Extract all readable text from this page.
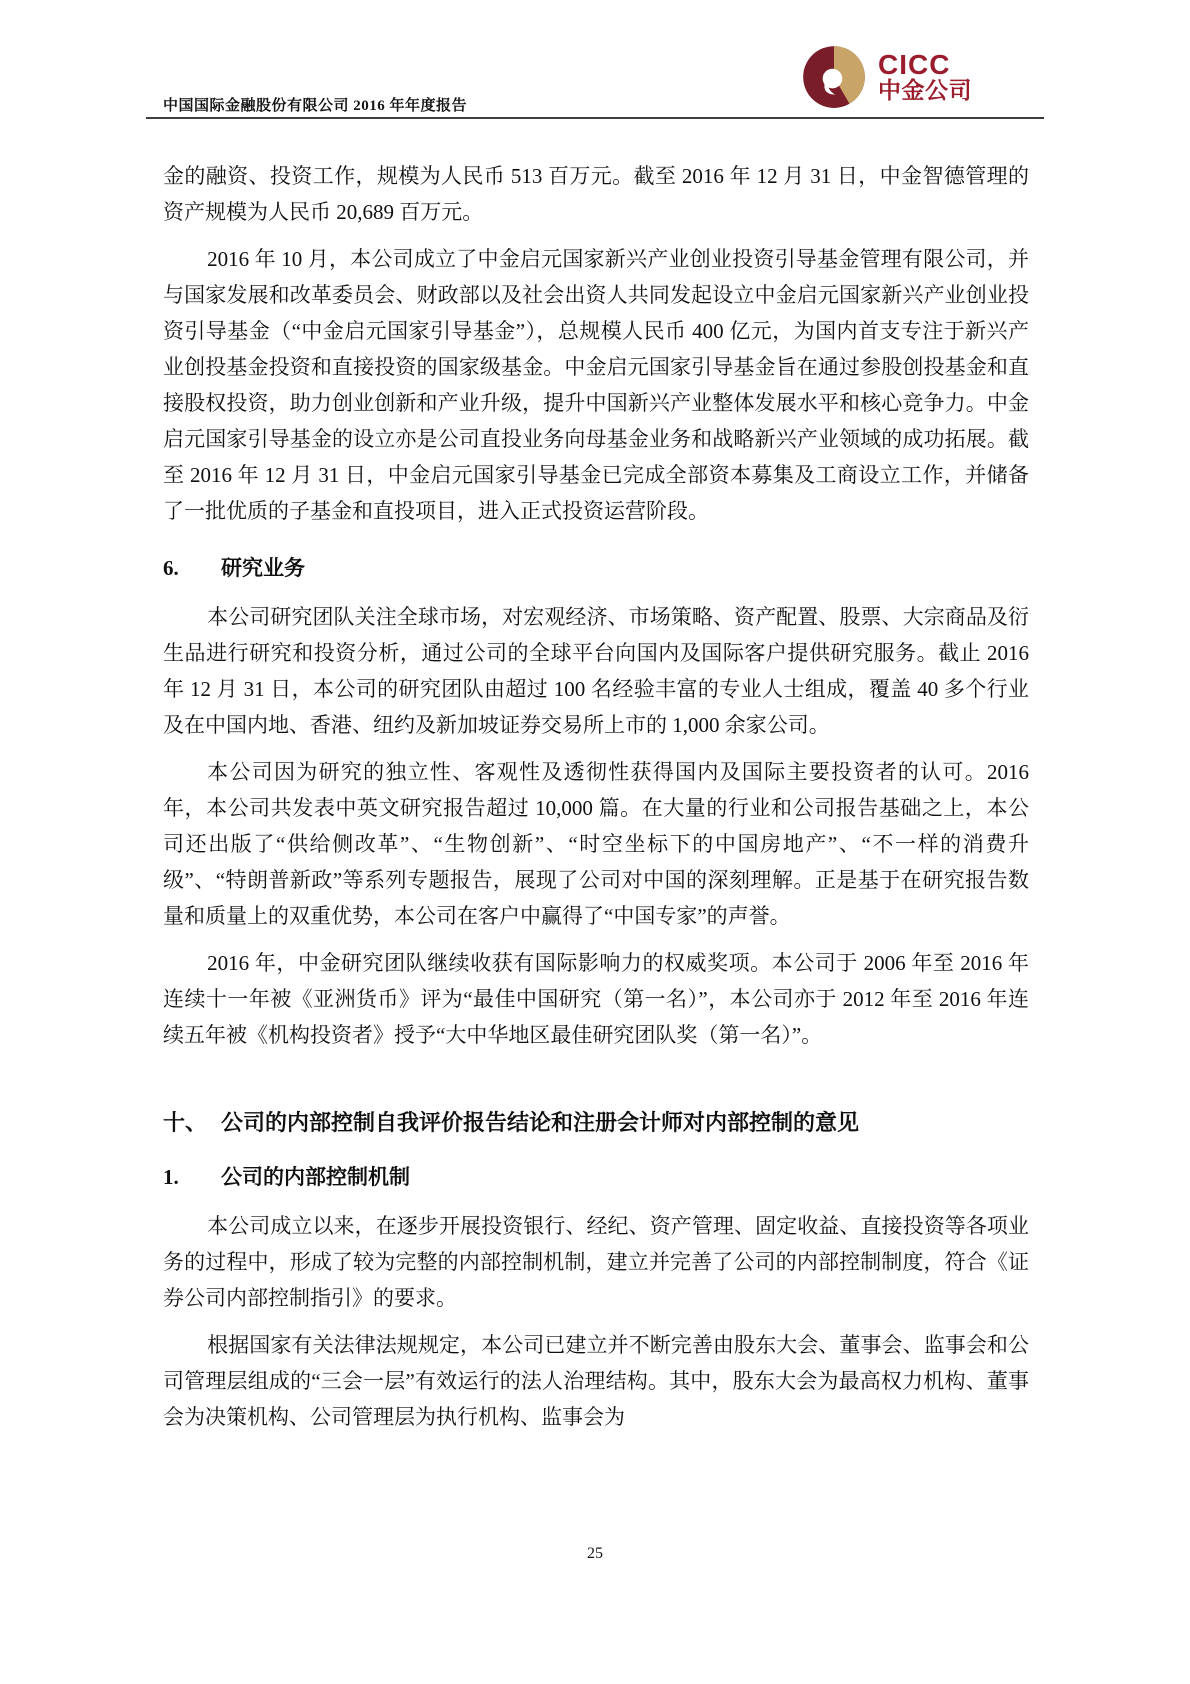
中国国际金融股份有限公司 2016 年年度报告
CICC
中金公司

金的融资、投资工作，规模为人民币 513 百万元。截至 2016 年 12 月 31 日，中金智德管理的资产规模为人民币 20,689 百万元。

2016 年 10 月，本公司成立了中金启元国家新兴产业创业投资引导基金管理有限公司，并与国家发展和改革委员会、财政部以及社会出资人共同发起设立中金启元国家新兴产业创业投资引导基金（“中金启元国家引导基金”），总规模人民币 400 亿元，为国内首支专注于新兴产业创投基金投资和直接投资的国家级基金。中金启元国家引导基金旨在通过参股创投基金和直接股权投资，助力创业创新和产业升级，提升中国新兴产业整体发展水平和核心竞争力。中金启元国家引导基金的设立亦是公司直投业务向母基金业务和战略新兴产业领域的成功拓展。截至 2016 年 12 月 31 日，中金启元国家引导基金已完成全部资本募集及工商设立工作，并储备了一批优质的子基金和直投项目，进入正式投资运营阶段。

6.	研究业务

本公司研究团队关注全球市场，对宏观经济、市场策略、资产配置、股票、大宗商品及衍生品进行研究和投资分析，通过公司的全球平台向国内及国际客户提供研究服务。截止 2016 年 12 月 31 日，本公司的研究团队由超过 100 名经验丰富的专业人士组成，覆盖 40 多个行业及在中国内地、香港、纽约及新加坡证券交易所上市的 1,000 余家公司。

本公司因为研究的独立性、客观性及透彻性获得国内及国际主要投资者的认可。2016 年，本公司共发表中英文研究报告超过 10,000 篇。在大量的行业和公司报告基础之上，本公司还出版了“供给侧改革”、“生物创新”、“时空坐标下的中国房地产”、“不一样的消费升级”、“特朗普新政”等系列专题报告，展现了公司对中国的深刻理解。正是基于在研究报告数量和质量上的双重优势，本公司在客户中赢得了“中国专家”的声誉。

2016 年，中金研究团队继续收获有国际影响力的权威奖项。本公司于 2006 年至 2016 年连续十一年被《亚洲货币》评为“最佳中国研究（第一名）”，本公司亦于 2012 年至 2016 年连续五年被《机构投资者》授予“大中华地区最佳研究团队奖（第一名）”。

十、 公司的内部控制自我评价报告结论和注册会计师对内部控制的意见
1.	公司的内部控制机制

本公司成立以来，在逐步开展投资银行、经纪、资产管理、固定收益、直接投资等各项业务的过程中，形成了较为完整的内部控制机制，建立并完善了公司的内部控制制度，符合《证券公司内部控制指引》的要求。

根据国家有关法律法规规定，本公司已建立并不断完善由股东大会、董事会、监事会和公司管理层组成的“三会一层”有效运行的法人治理结构。其中，股东大会为最高权力机构、董事会为决策机构、公司管理层为执行机构、监事会为

25
